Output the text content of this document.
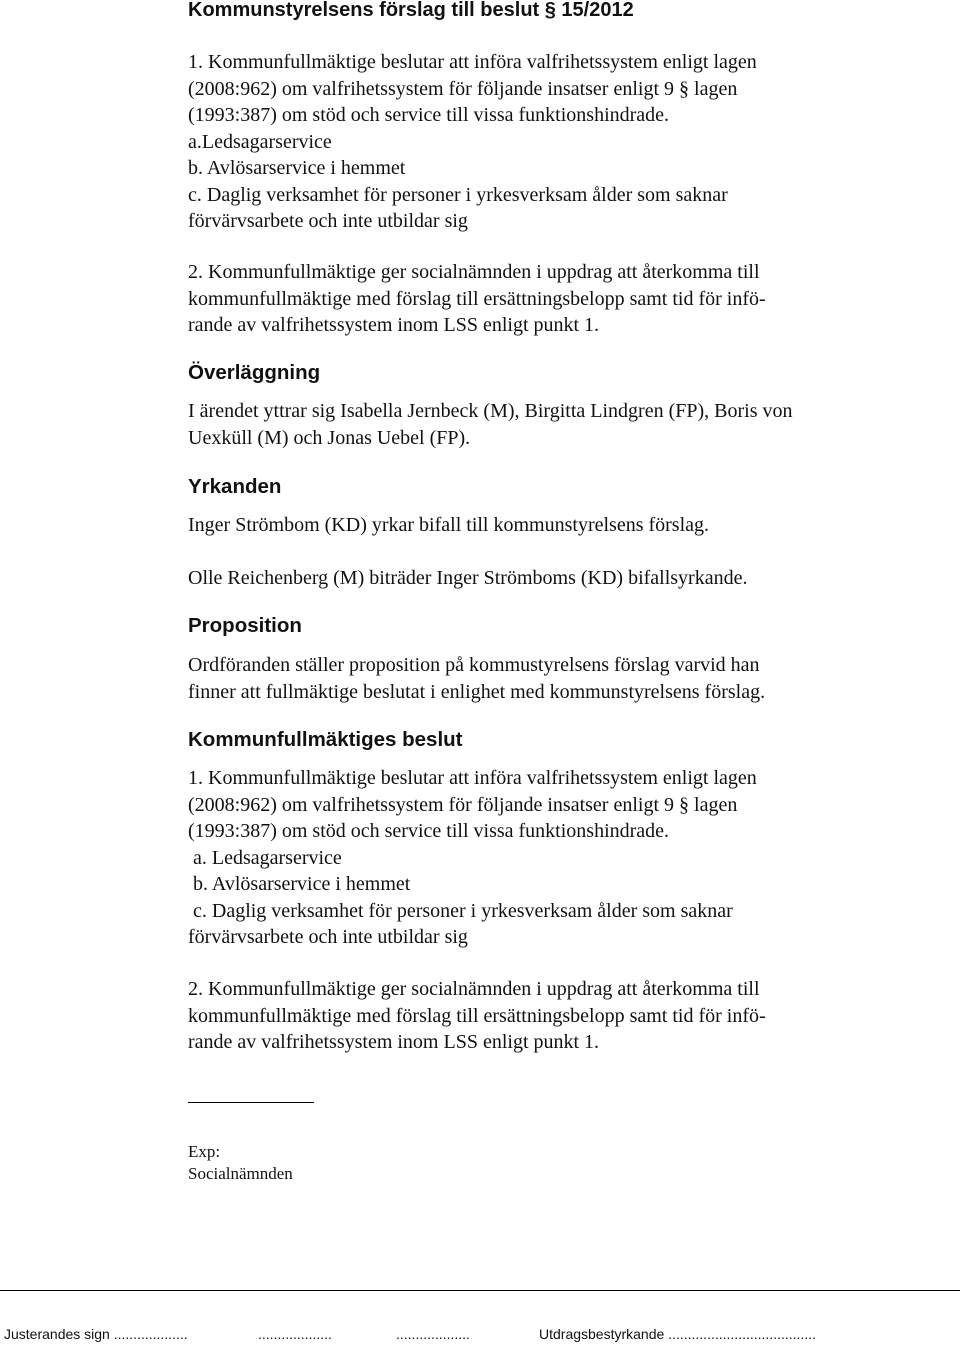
Kommunstyrelsens förslag till beslut § 15/2012
1. Kommunfullmäktige beslutar att införa valfrihetssystem enligt lagen
(2008:962) om valfrihetssystem för följande insatser enligt 9 § lagen
(1993:387) om stöd och service till vissa funktionshindrade.
a.Ledsagarservice
b. Avlösarservice i hemmet
c. Daglig verksamhet för personer i yrkesverksam ålder som saknar
förvärvsarbete och inte utbildar sig
2. Kommunfullmäktige ger socialnämnden i uppdrag att återkomma till
kommunfullmäktige med förslag till ersättningsbelopp samt tid för infö-
rande av valfrihetssystem inom LSS enligt punkt 1.
Överläggning
I ärendet yttrar sig Isabella Jernbeck (M), Birgitta Lindgren (FP), Boris von
Uexküll (M) och Jonas Uebel (FP).
Yrkanden
Inger Strömbom (KD) yrkar bifall till kommunstyrelsens förslag.
Olle Reichenberg (M) biträder Inger Strömboms (KD) bifallsyrkande.
Proposition
Ordföranden ställer proposition på kommustyrelsens förslag varvid han
finner att fullmäktige beslutat i enlighet med kommunstyrelsens förslag.
Kommunfullmäktiges beslut
1. Kommunfullmäktige beslutar att införa valfrihetssystem enligt lagen
(2008:962) om valfrihetssystem för följande insatser enligt 9 § lagen
(1993:387) om stöd och service till vissa funktionshindrade.
a. Ledsagarservice
b. Avlösarservice i hemmet
c. Daglig verksamhet för personer i yrkesverksam ålder som saknar
förvärvsarbete och inte utbildar sig
2. Kommunfullmäktige ger socialnämnden i uppdrag att återkomma till
kommunfullmäktige med förslag till ersättningsbelopp samt tid för infö-
rande av valfrihetssystem inom LSS enligt punkt 1.
Exp:
Socialnämnden
Justerandes sign ...................	...................	...................	Utdragsbestyrkande ......................................
